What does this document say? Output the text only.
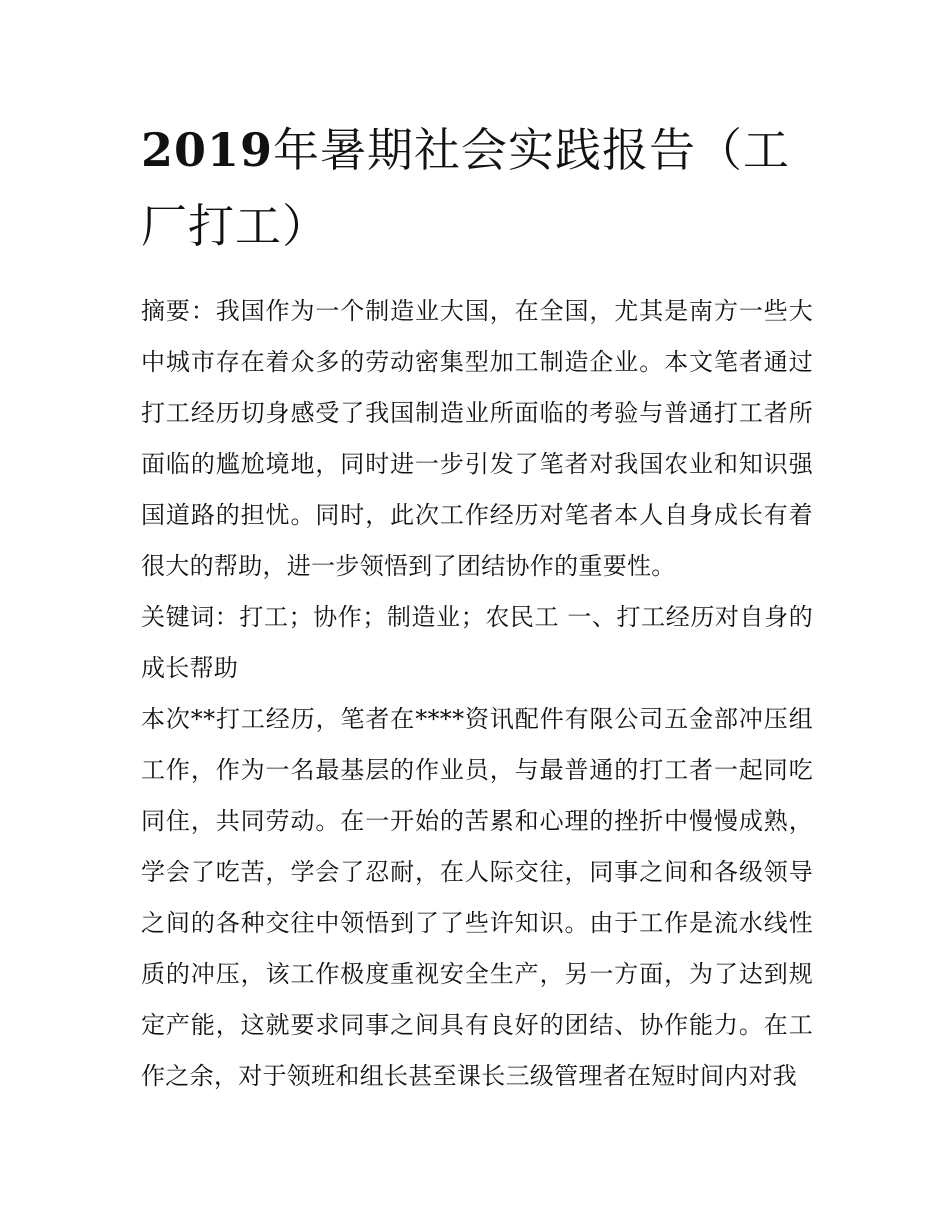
2019年暑期社会实践报告（工厂打工）

摘要：我国作为一个制造业大国，在全国，尤其是南方一些大中城市存在着众多的劳动密集型加工制造企业。本文笔者通过打工经历切身感受了我国制造业所面临的考验与普通打工者所面临的尴尬境地，同时进一步引发了笔者对我国农业和知识强国道路的担忧。同时，此次工作经历对笔者本人自身成长有着很大的帮助，进一步领悟到了团结协作的重要性。

关键词：打工；协作；制造业；农民工 一、打工经历对自身的成长帮助

本次**打工经历，笔者在****资讯配件有限公司五金部冲压组工作，作为一名最基层的作业员，与最普通的打工者一起同吃同住，共同劳动。在一开始的苦累和心理的挫折中慢慢成熟，学会了吃苦，学会了忍耐，在人际交往，同事之间和各级领导之间的各种交往中领悟到了了些许知识。由于工作是流水线性质的冲压，该工作极度重视安全生产，另一方面，为了达到规定产能，这就要求同事之间具有良好的团结、协作能力。在工作之余，对于领班和组长甚至课长三级管理者在短时间内对我
